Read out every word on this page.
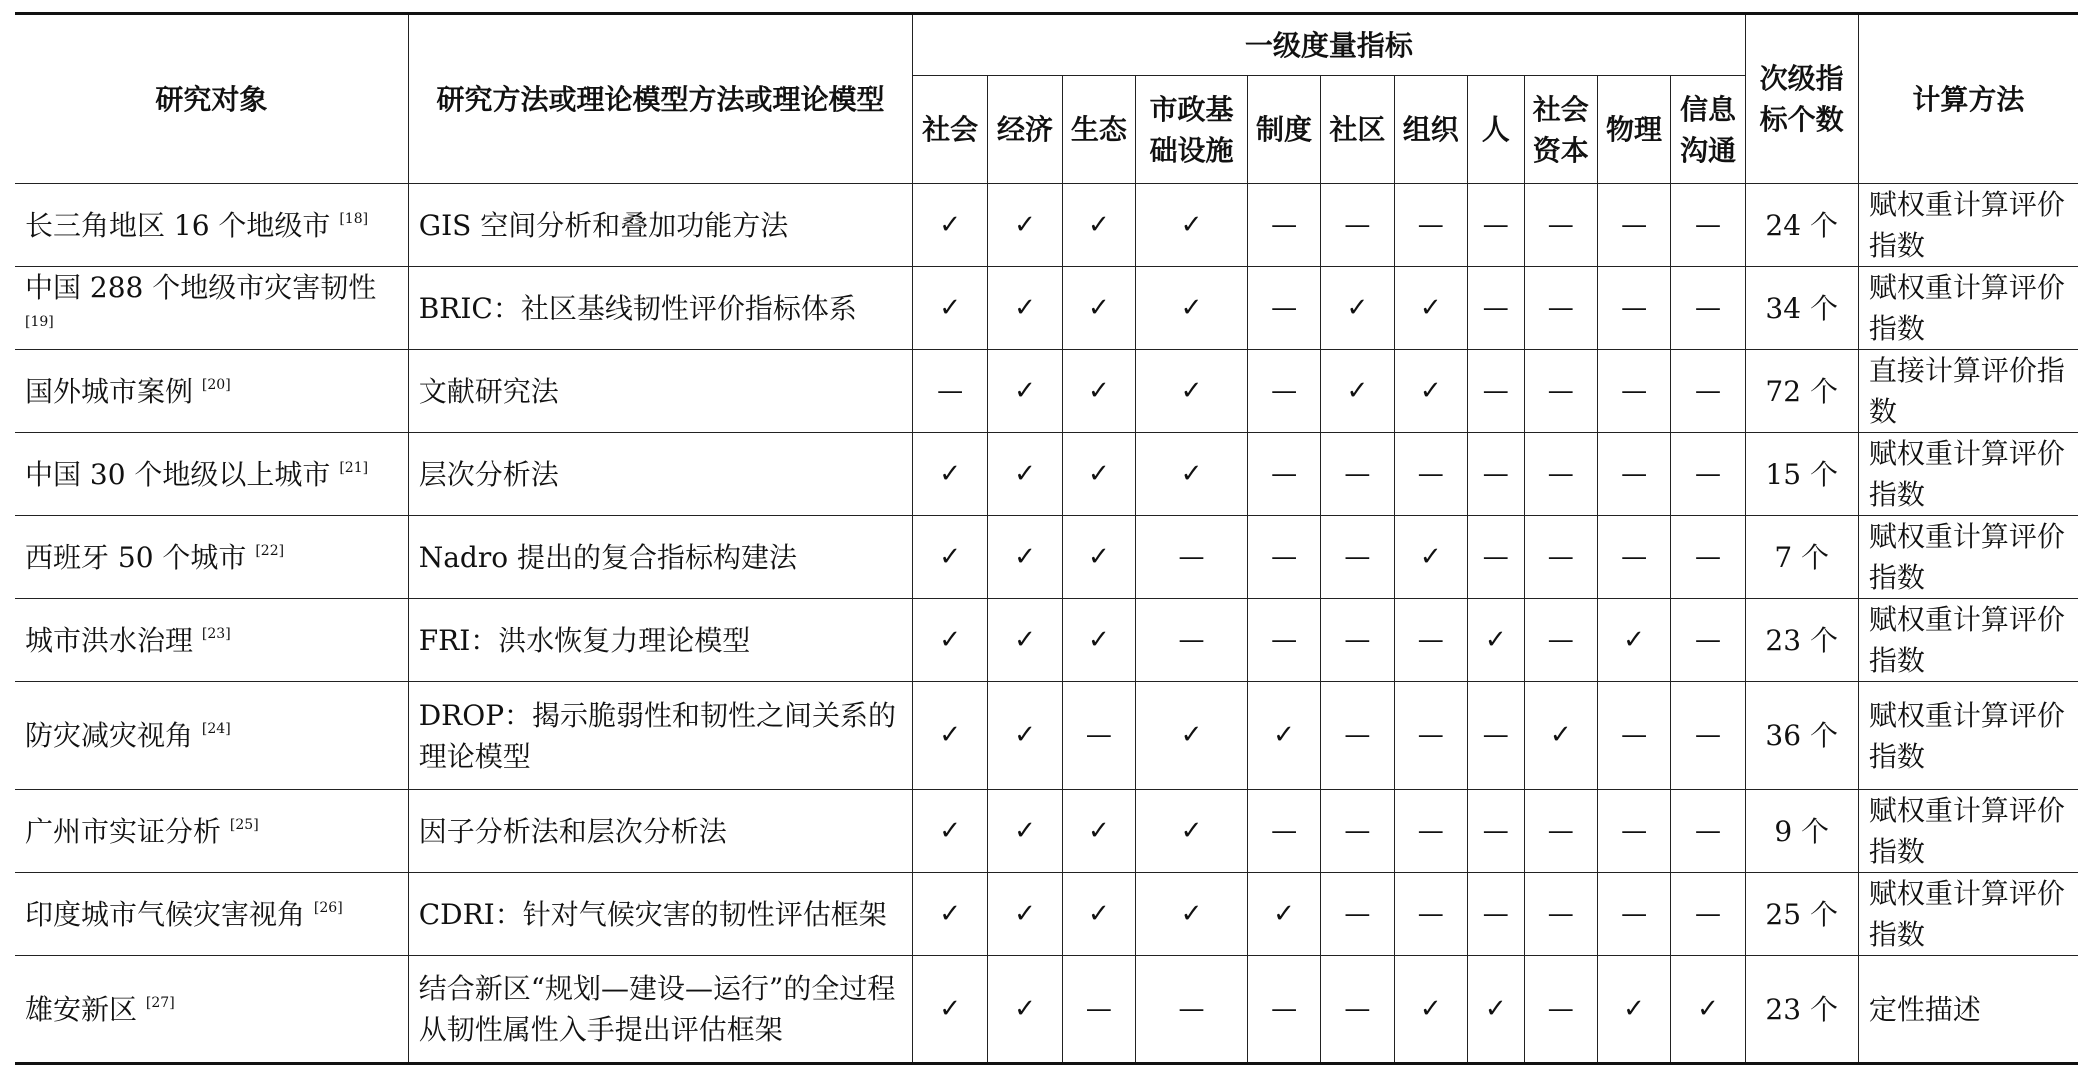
研究对象	研究方法或理论模型方法或理论模型	一级度量指标											次级指标个数	计算方法
		社会	经济	生态	市政基础设施	制度	社区	组织	人	社会资本	物理	信息沟通		
长三角地区 16 个地级市 [18]	GIS 空间分析和叠加功能方法	✓	✓	✓	✓	—	—	—	—	—	—	—	24 个	赋权重计算评价指数
中国 288 个地级市灾害韧性 [19]	BRIC：社区基线韧性评价指标体系	✓	✓	✓	✓	—	✓	✓	—	—	—	—	34 个	赋权重计算评价指数
国外城市案例 [20]	文献研究法	—	✓	✓	✓	—	✓	✓	—	—	—	—	72 个	直接计算评价指数
中国 30 个地级以上城市 [21]	层次分析法	✓	✓	✓	✓	—	—	—	—	—	—	—	15 个	赋权重计算评价指数
西班牙 50 个城市 [22]	Nadro 提出的复合指标构建法	✓	✓	✓	—	—	—	✓	—	—	—	—	7 个	赋权重计算评价指数
城市洪水治理 [23]	FRI：洪水恢复力理论模型	✓	✓	✓	—	—	—	—	✓	—	✓	—	23 个	赋权重计算评价指数
防灾减灾视角 [24]	DROP：揭示脆弱性和韧性之间关系的理论模型	✓	✓	—	✓	✓	—	—	—	✓	—	—	36 个	赋权重计算评价指数
广州市实证分析 [25]	因子分析法和层次分析法	✓	✓	✓	✓	—	—	—	—	—	—	—	9 个	赋权重计算评价指数
印度城市气候灾害视角 [26]	CDRI：针对气候灾害的韧性评估框架	✓	✓	✓	✓	✓	—	—	—	—	—	—	25 个	赋权重计算评价指数
雄安新区 [27]	结合新区“规划—建设—运行”的全过程从韧性属性入手提出评估框架	✓	✓	—	—	—	—	✓	✓	—	✓	✓	23 个	定性描述
